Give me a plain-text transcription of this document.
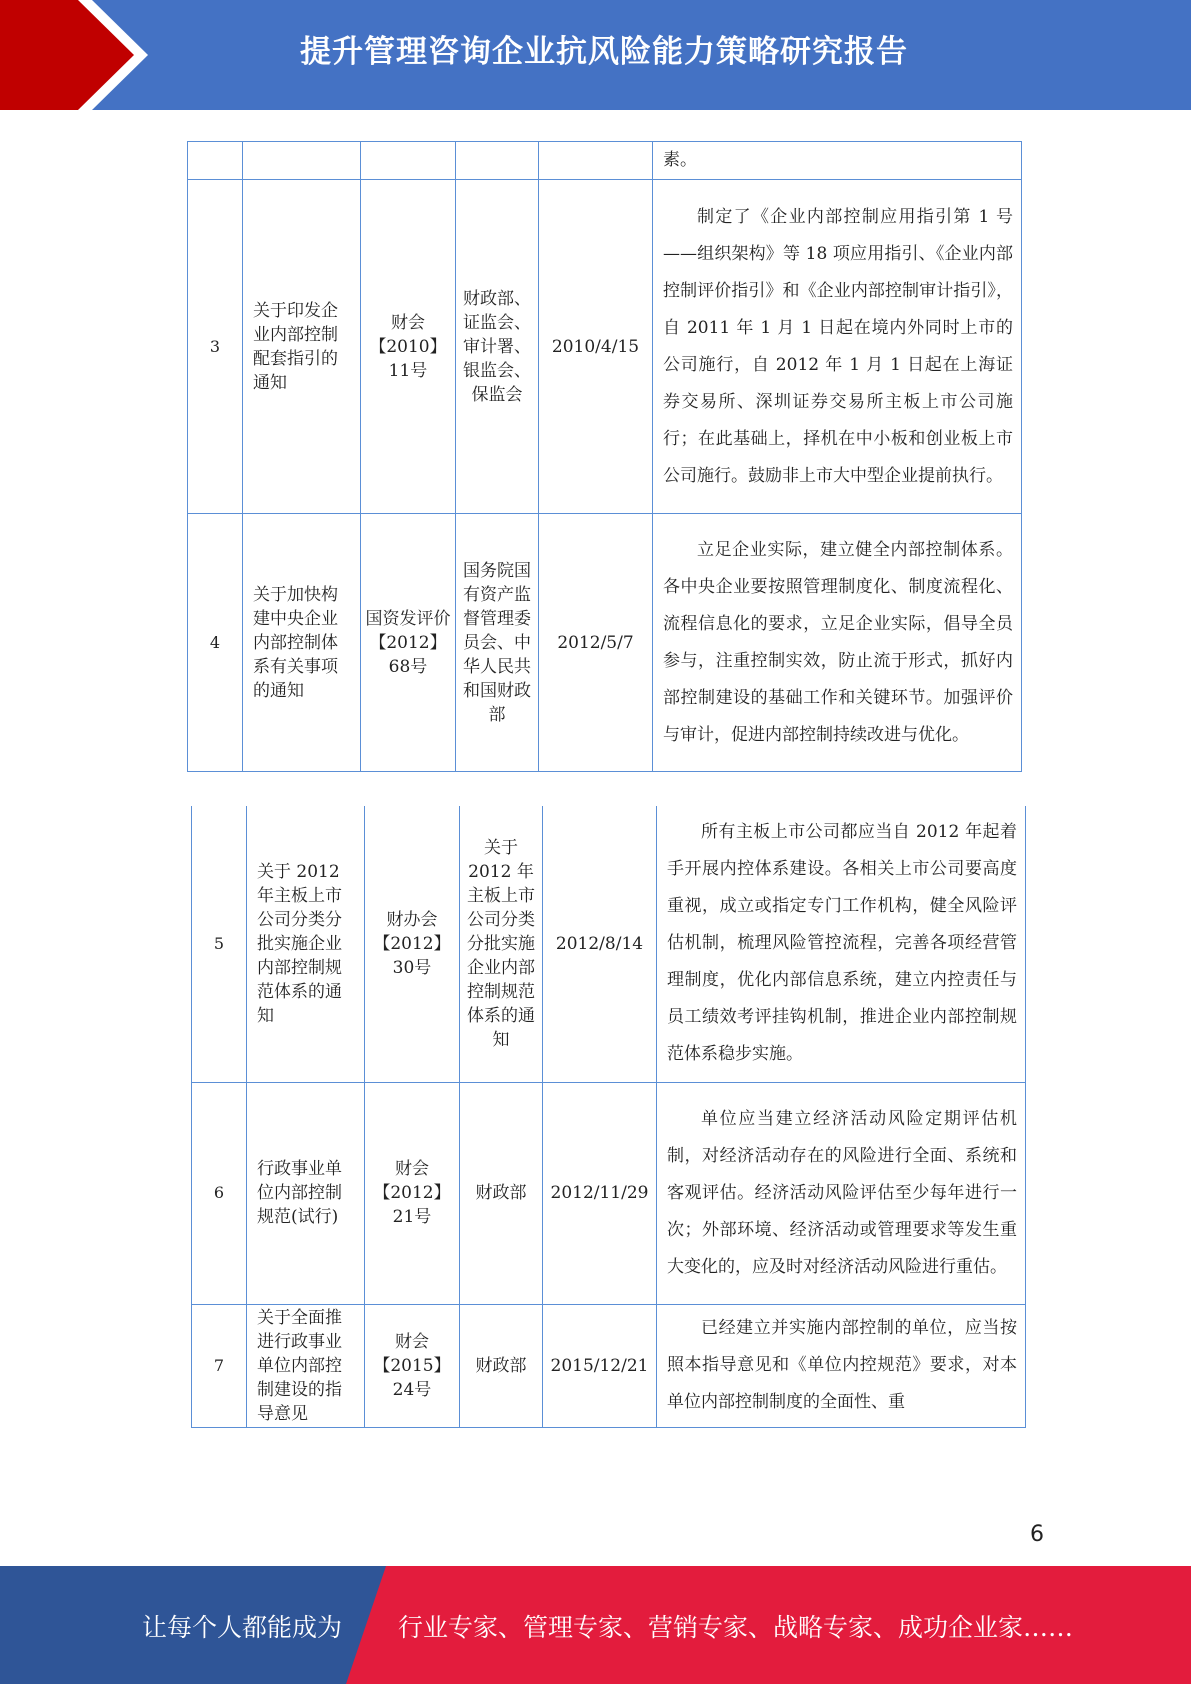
提升管理咨询企业抗风险能力策略研究报告
					素。
3	关于印发企业内部控制配套指引的通知	财会【2010】11号	财政部、证监会、审计署、银监会、保监会	2010/4/15	制定了《企业内部控制应用指引第 1 号——组织架构》等 18 项应用指引、《企业内部控制评价指引》和《企业内部控制审计指引》，自 2011 年 1 月 1 日起在境内外同时上市的公司施行，自 2012 年 1 月 1 日起在上海证券交易所、深圳证券交易所主板上市公司施行；在此基础上，择机在中小板和创业板上市公司施行。鼓励非上市大中型企业提前执行。

4	关于加快构建中央企业内部控制体系有关事项的通知	国资发评价【2012】68号	国务院国有资产监督管理委员会、中华人民共和国财政部	2012/5/7	立足企业实际，建立健全内部控制体系。各中央企业要按照管理制度化、制度流程化、流程信息化的要求，立足企业实际，倡导全员参与，注重控制实效，防止流于形式，抓好内部控制建设的基础工作和关键环节。加强评价与审计，促进内部控制持续改进与优化。
5	关于 2012 年主板上市公司分类分批实施企业内部控制规范体系的通知	财办会【2012】30号	关于 2012 年主板上市公司分类分批实施企业内部控制规范体系的通知	2012/8/14	所有主板上市公司都应当自 2012 年起着手开展内控体系建设。各相关上市公司要高度重视，成立或指定专门工作机构，健全风险评估机制，梳理风险管控流程，完善各项经营管理制度，优化内部信息系统，建立内控责任与员工绩效考评挂钩机制，推进企业内部控制规范体系稳步实施。

6	行政事业单位内部控制规范(试行)	财会【2012】21号	财政部	2012/11/29	单位应当建立经济活动风险定期评估机制，对经济活动存在的风险进行全面、系统和客观评估。经济活动风险评估至少每年进行一次；外部环境、经济活动或管理要求等发生重大变化的，应及时对经济活动风险进行重估。

7	关于全面推进行政事业单位内部控制建设的指导意见	财会【2015】24号	财政部	2015/12/21	已经建立并实施内部控制的单位，应当按照本指导意见和《单位内控规范》要求，对本单位内部控制制度的全面性、重
6
让每个人都能成为 行业专家、管理专家、营销专家、战略专家、成功企业家……
